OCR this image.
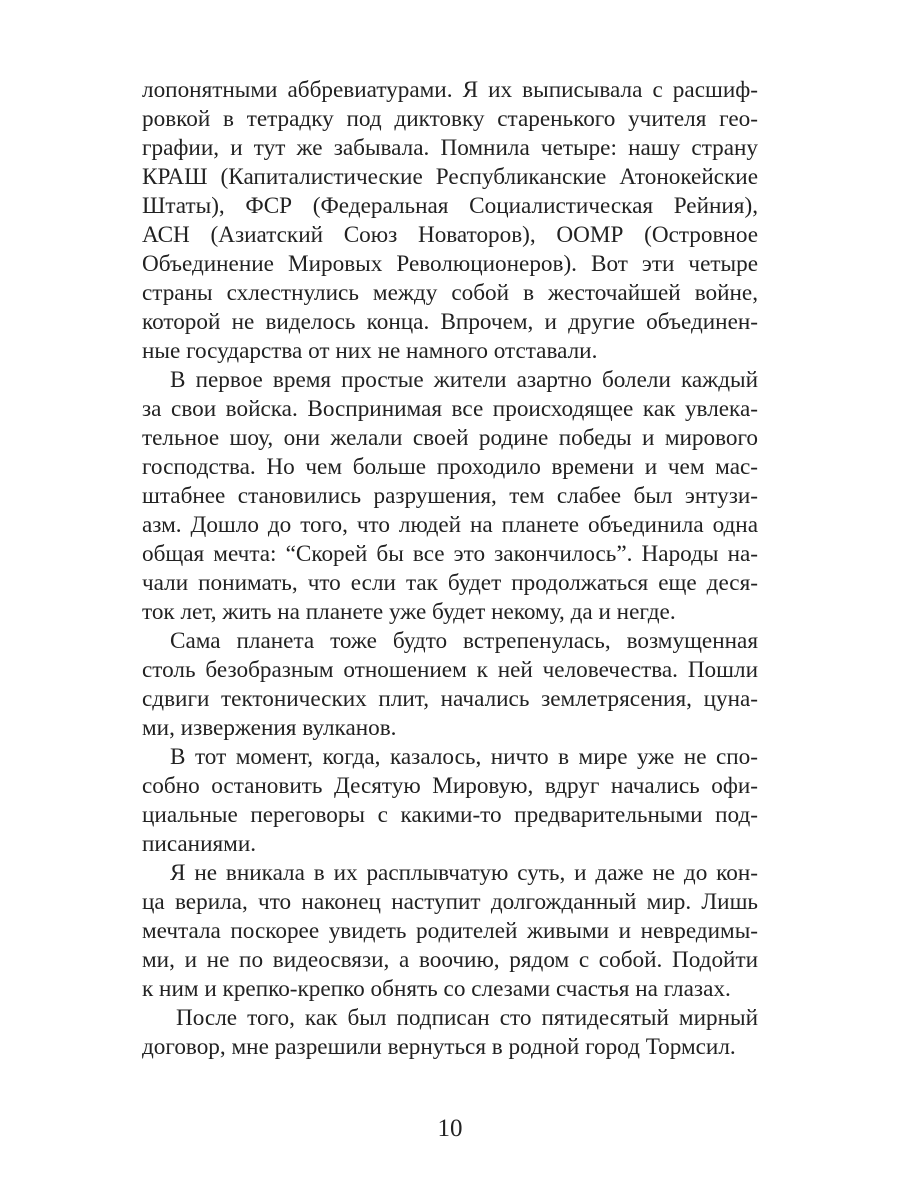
лопонятными аббревиатурами. Я их выписывала с расшиф-
ровкой в тетрадку под диктовку старенького учителя гео-
графии, и тут же забывала. Помнила четыре: нашу страну
КРАШ (Капиталистические Республиканские Атонокейские
Штаты), ФСР (Федеральная Социалистическая Рейния),
АСН (Азиатский Союз Новаторов), ООМР (Островное
Объединение Мировых Революционеров). Вот эти четыре
страны схлестнулись между собой в жесточайшей войне,
которой не виделось конца. Впрочем, и другие объединен-
ные государства от них не намного отставали.
В первое время простые жители азартно болели каждый
за свои войска. Воспринимая все происходящее как увлека-
тельное шоу, они желали своей родине победы и мирового
господства. Но чем больше проходило времени и чем мас-
штабнее становились разрушения, тем слабее был энтузи-
азм. Дошло до того, что людей на планете объединила одна
общая мечта: “Скорей бы все это закончилось”. Народы на-
чали понимать, что если так будет продолжаться еще деся-
ток лет, жить на планете уже будет некому, да и негде.
Сама планета тоже будто встрепенулась, возмущенная
столь безобразным отношением к ней человечества. Пошли
сдвиги тектонических плит, начались землетрясения, цуна-
ми, извержения вулканов.
В тот момент, когда, казалось, ничто в мире уже не спо-
собно остановить Десятую Мировую, вдруг начались офи-
циальные переговоры с какими-то предварительными под-
писаниями.
Я не вникала в их расплывчатую суть, и даже не до кон-
ца верила, что наконец наступит долгожданный мир. Лишь
мечтала поскорее увидеть родителей живыми и невредимы-
ми, и не по видеосвязи, а воочию, рядом с собой. Подойти
к ним и крепко-крепко обнять со слезами счастья на глазах.
После того, как был подписан сто пятидесятый мирный
договор, мне разрешили вернуться в родной город Тормсил.
10
